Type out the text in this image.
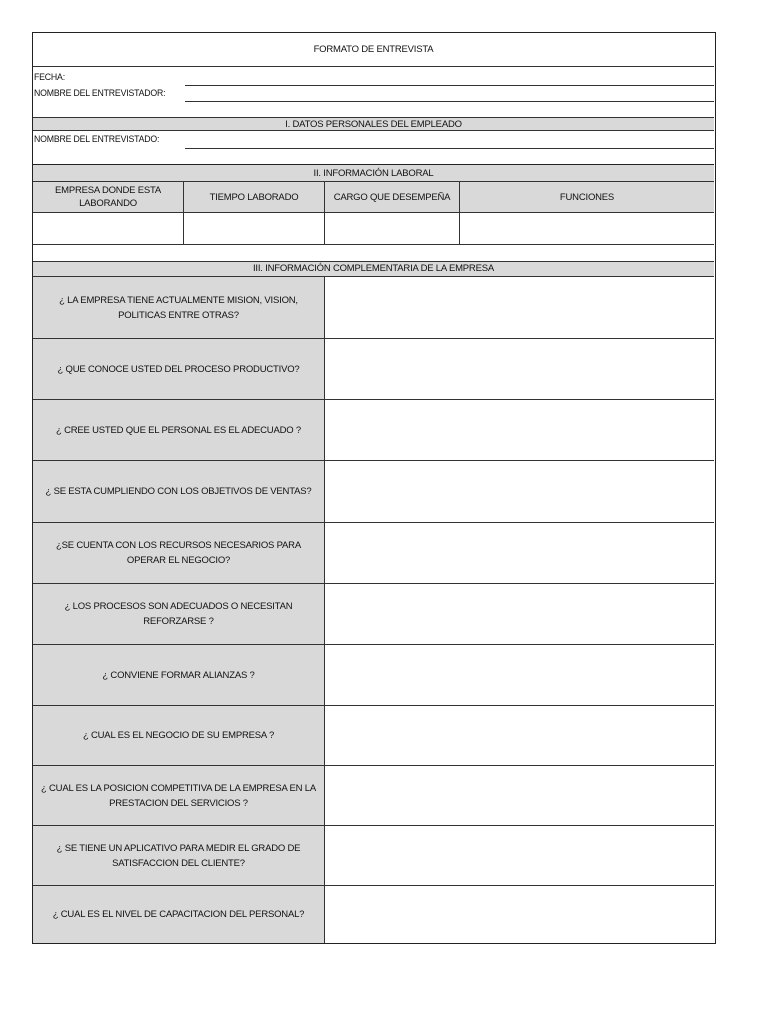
FORMATO DE ENTREVISTA
FECHA:
NOMBRE DEL ENTREVISTADOR:
I. DATOS PERSONALES DEL EMPLEADO
NOMBRE DEL ENTREVISTADO:
II. INFORMACIÓN LABORAL
EMPRESA DONDE ESTA LABORANDO
TIEMPO LABORADO	CARGO QUE DESEMPEÑA	FUNCIONES
III. INFORMACIÓN COMPLEMENTARIA DE LA EMPRESA
¿ LA EMPRESA TIENE ACTUALMENTE MISION, VISION, POLITICAS ENTRE OTRAS?
¿ QUE CONOCE USTED DEL PROCESO PRODUCTIVO?
¿ CREE USTED QUE EL PERSONAL ES EL ADECUADO ?
¿ SE ESTA CUMPLIENDO CON LOS OBJETIVOS DE VENTAS?
¿SE CUENTA CON LOS RECURSOS NECESARIOS PARA OPERAR EL NEGOCIO?
¿ LOS PROCESOS SON ADECUADOS O NECESITAN REFORZARSE ?
¿ CONVIENE FORMAR ALIANZAS ?
¿ CUAL ES EL NEGOCIO DE SU EMPRESA ?
¿ CUAL ES LA POSICION COMPETITIVA DE LA EMPRESA EN LA PRESTACION DEL SERVICIOS ?
¿ SE TIENE UN APLICATIVO PARA MEDIR EL GRADO DE SATISFACCION DEL CLIENTE?
¿ CUAL ES EL NIVEL DE CAPACITACION DEL PERSONAL?
